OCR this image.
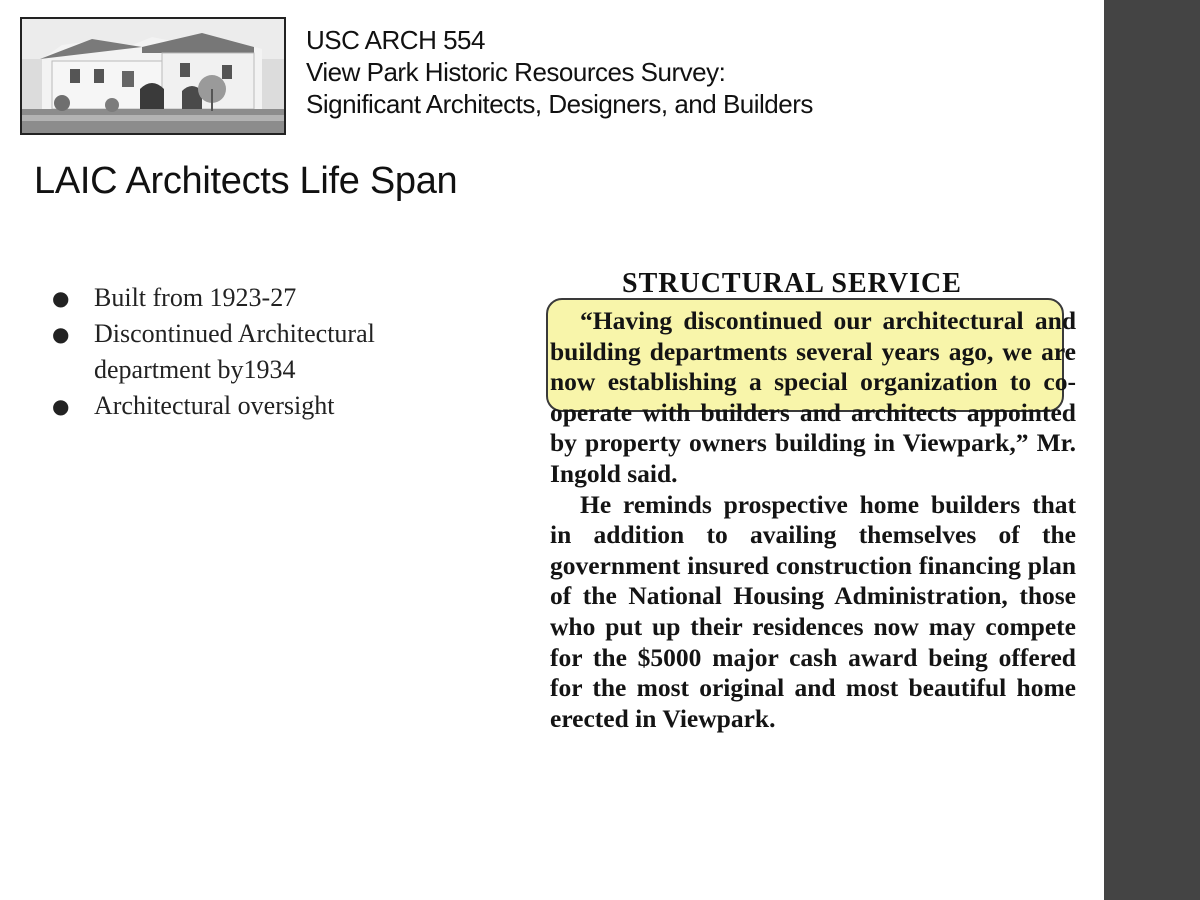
USC ARCH 554
View Park Historic Resources Survey:
Significant Architects, Designers, and Builders
LAIC Architects Life Span
● Built from 1923-27
● Discontinued Architectural department by1934
● Architectural oversight
STRUCTURAL SERVICE

“Having discontinued our architectural and building departments several years ago, we are now establishing a special organization to co-operate with builders and architects appointed by property owners building in Viewpark,” Mr. Ingold said.

He reminds prospective home builders that in addition to availing themselves of the government insured construction financing plan of the National Housing Administration, those who put up their residences now may compete for the $5000 major cash award being offered for the most original and most beautiful home erected in Viewpark.
